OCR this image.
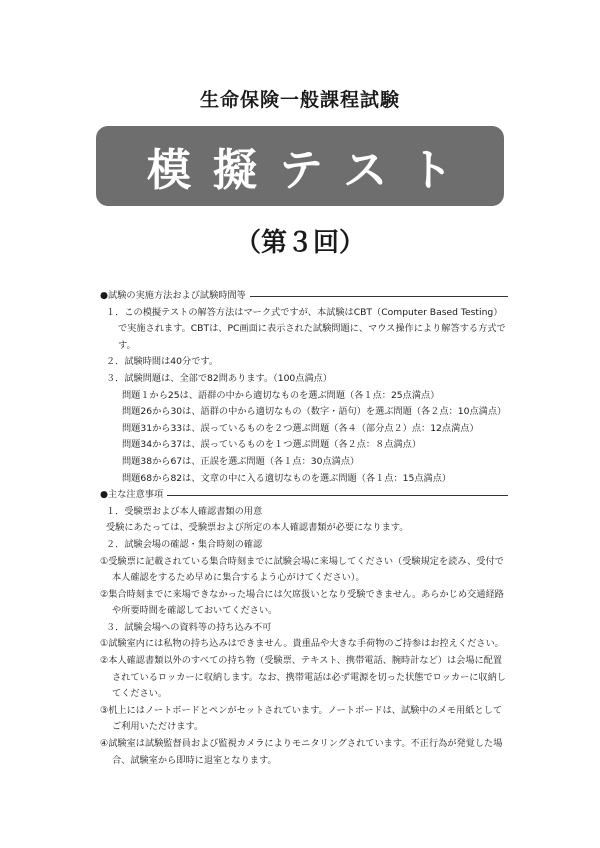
生命保険一般課程試験
模擬テスト
（第３回）
●試験の実施方法および試験時間等
１．この模擬テストの解答方法はマーク式ですが、本試験はCBT（Computer Based Testing）で実施されます。CBTは、PC画面に表示された試験問題に、マウス操作により解答する方式です。
２．試験時間は40分です。
３．試験問題は、全部で82問あります。（100点満点）
問題１から25は、語群の中から適切なものを選ぶ問題（各１点：25点満点）
問題26から30は、語群の中から適切なもの（数字・語句）を選ぶ問題（各２点：10点満点）
問題31から33は、誤っているものを２つ選ぶ問題（各４（部分点２）点：12点満点）
問題34から37は、誤っているものを１つ選ぶ問題（各２点：８点満点）
問題38から67は、正誤を選ぶ問題（各１点：30点満点）
問題68から82は、文章の中に入る適切なものを選ぶ問題（各１点：15点満点）
●主な注意事項
１．受験票および本人確認書類の用意
受験にあたっては、受験票および所定の本人確認書類が必要になります。
２．試験会場の確認・集合時刻の確認
①受験票に記載されている集合時刻までに試験会場に来場してください（受験規定を読み、受付で本人確認をするため早めに集合するよう心がけてください）。
②集合時刻までに来場できなかった場合には欠席扱いとなり受験できません。あらかじめ交通経路や所要時間を確認しておいてください。
３．試験会場への資料等の持ち込み不可
①試験室内には私物の持ち込みはできません。貴重品や大きな手荷物のご持参はお控えください。
②本人確認書類以外のすべての持ち物（受験票、テキスト、携帯電話、腕時計など）は会場に配置されているロッカーに収納します。なお、携帯電話は必ず電源を切った状態でロッカーに収納してください。
③机上にはノートボードとペンがセットされています。ノートボードは、試験中のメモ用紙としてご利用いただけます。
④試験室は試験監督員および監視カメラによりモニタリングされています。不正行為が発覚した場合、試験室から即時に退室となります。
